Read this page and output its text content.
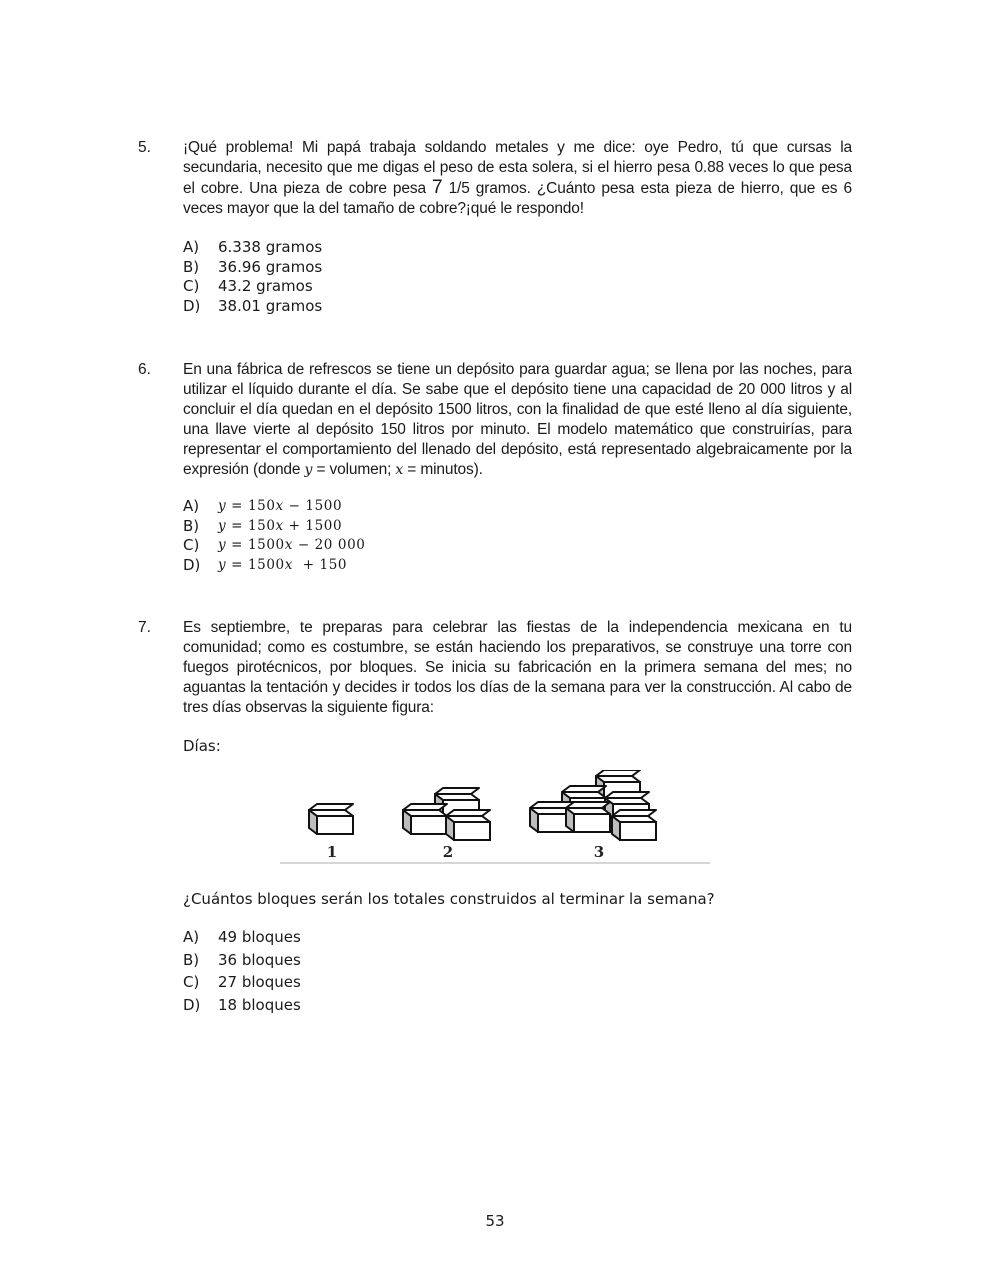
5. ¡Qué problema! Mi papá trabaja soldando metales y me dice: oye Pedro, tú que cursas la secundaria, necesito que me digas el peso de esta solera, si el hierro pesa 0.88 veces lo que pesa el cobre. Una pieza de cobre pesa 7 1/5 gramos. ¿Cuánto pesa esta pieza de hierro, que es 6 veces mayor que la del tamaño de cobre?¡qué le respondo!

A)	6.338 gramos
B)	36.96 gramos
C)	43.2 gramos
D)	38.01 gramos
6. En una fábrica de refrescos se tiene un depósito para guardar agua; se llena por las noches, para utilizar el líquido durante el día. Se sabe que el depósito tiene una capacidad de 20 000 litros y al concluir el día quedan en el depósito 1500 litros, con la finalidad de que esté lleno al día siguiente, una llave vierte al depósito 150 litros por minuto. El modelo matemático que construirías, para representar el comportamiento del llenado del depósito, está representado algebraicamente por la expresión (donde y = volumen; x = minutos).

A)	y = 150x − 1500
B)	y = 150x + 1500
C)	y = 1500x − 20 000
D)	y = 1500x  + 150
7. Es septiembre, te preparas para celebrar las fiestas de la independencia mexicana en tu comunidad; como es costumbre, se están haciendo los preparativos, se construye una torre con fuegos pirotécnicos, por bloques. Se inicia su fabricación en la primera semana del mes; no aguantas la tentación y decides ir todos los días de la semana para ver la construcción. Al cabo de tres días observas la siguiente figura:

Días:
1	2	3

¿Cuántos bloques serán los totales construidos al terminar la semana?

A)	49 bloques
B)	36 bloques
C)	27 bloques
D)	18 bloques
53
